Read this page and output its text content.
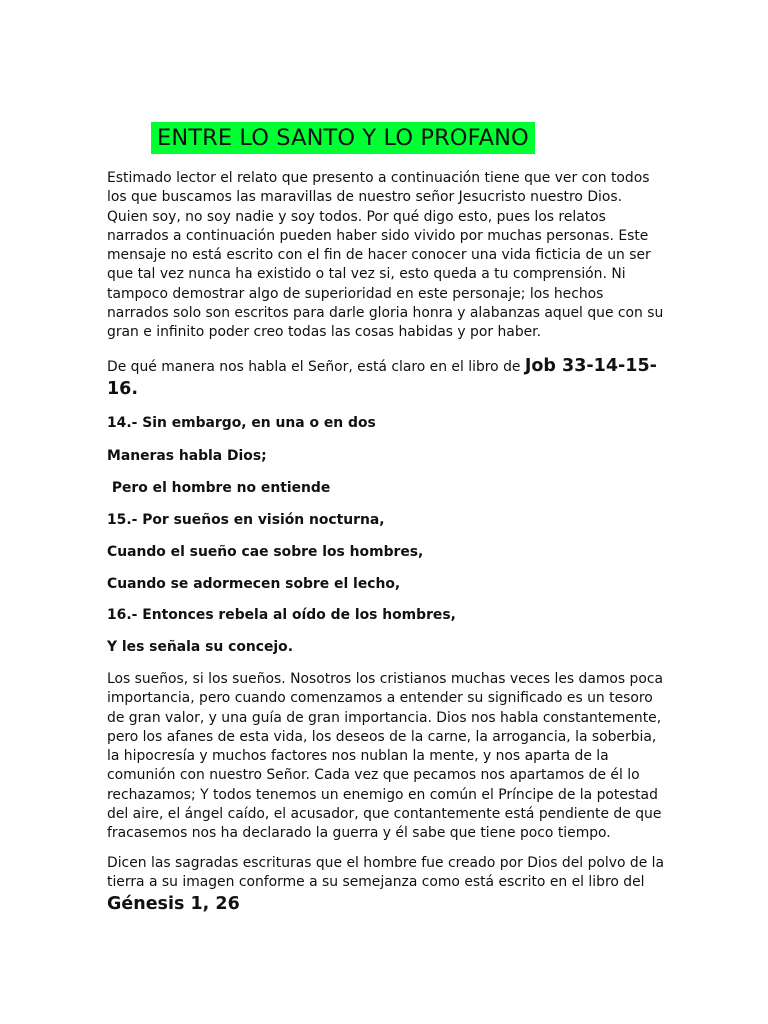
ENTRE LO SANTO Y LO PROFANO

Estimado lector el relato que presento a continuación tiene que ver con todos los que buscamos las maravillas de nuestro señor Jesucristo nuestro Dios. Quien soy, no soy nadie y soy todos. Por qué digo esto, pues los relatos narrados a continuación pueden haber sido vivido por muchas personas. Este mensaje no está escrito con el fin de hacer conocer una vida ficticia de un ser que tal vez nunca ha existido o tal vez si, esto queda a tu comprensión. Ni tampoco demostrar algo de superioridad en este personaje; los hechos narrados solo son escritos para darle gloria honra y alabanzas aquel que con su gran e infinito poder creo todas las cosas habidas y por haber.

De qué manera nos habla el Señor, está claro en el libro de Job 33-14-15-16.

14.- Sin embargo, en una o en dos

Maneras habla Dios;

Pero el hombre no entiende

15.- Por sueños en visión nocturna,

Cuando el sueño cae sobre los hombres,

Cuando se adormecen sobre el lecho,

16.- Entonces rebela al oído de los hombres,

Y les señala su concejo.

Los sueños, si los sueños. Nosotros los cristianos muchas veces les damos poca importancia, pero cuando comenzamos a entender su significado es un tesoro de gran valor, y una guía de gran importancia. Dios nos habla constantemente, pero los afanes de esta vida, los deseos de la carne, la arrogancia, la soberbia, la hipocresía y muchos factores nos nublan la mente, y nos aparta de la comunión con nuestro Señor. Cada vez que pecamos nos apartamos de él lo rechazamos; Y todos tenemos un enemigo en común el Príncipe de la potestad del aire, el ángel caído, el acusador, que contantemente está pendiente de que fracasemos nos ha declarado la guerra y él sabe que tiene poco tiempo.

Dicen las sagradas escrituras que el hombre fue creado por Dios del polvo de la tierra a su imagen conforme a su semejanza como está escrito en el libro del

Génesis 1, 26
